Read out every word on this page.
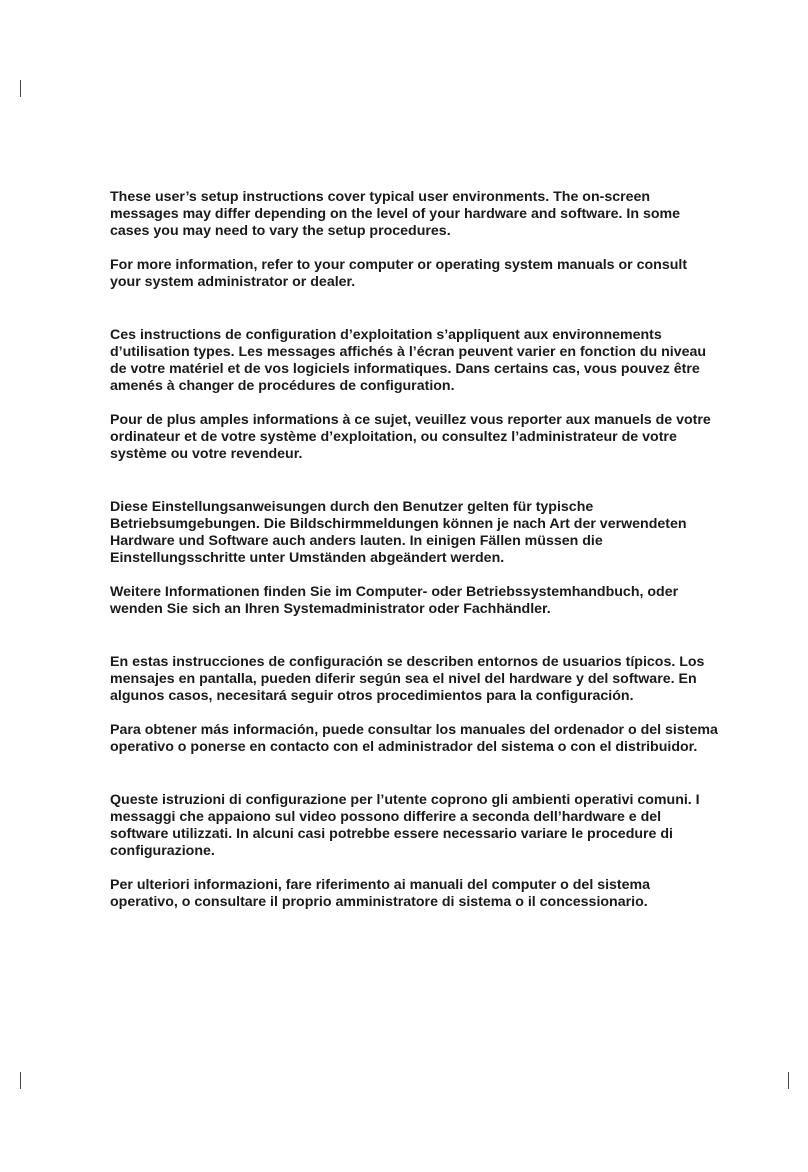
These user’s setup instructions cover typical user environments. The on-screen
messages may differ depending on the level of your hardware and software. In some
cases you may need to vary the setup procedures.

For more information, refer to your computer or operating system manuals or consult
your system administrator or dealer.

Ces instructions de configuration d’exploitation s’appliquent aux environnements
d’utilisation types. Les messages affichés à l’écran peuvent varier en fonction du niveau
de votre matériel et de vos logiciels informatiques. Dans certains cas, vous pouvez être
amenés à changer de procédures de configuration.

Pour de plus amples informations à ce sujet, veuillez vous reporter aux manuels de votre
ordinateur et de votre système d’exploitation, ou consultez l’administrateur de votre
système ou votre revendeur.

Diese Einstellungsanweisungen durch den Benutzer gelten für typische
Betriebsumgebungen. Die Bildschirmmeldungen können je nach Art der verwendeten
Hardware und Software auch anders lauten. In einigen Fällen müssen die
Einstellungsschritte unter Umständen abgeändert werden.

Weitere Informationen finden Sie im Computer- oder Betriebssystemhandbuch, oder
wenden Sie sich an Ihren Systemadministrator oder Fachhändler.

En estas instrucciones de configuración se describen entornos de usuarios típicos. Los
mensajes en pantalla, pueden diferir según sea el nivel del hardware y del software. En
algunos casos, necesitará seguir otros procedimientos para la configuración.

Para obtener más información, puede consultar los manuales del ordenador o del sistema
operativo o ponerse en contacto con el administrador del sistema o con el distribuidor.

Queste istruzioni di configurazione per l’utente coprono gli ambienti operativi comuni. I
messaggi che appaiono sul video possono differire a seconda dell’hardware e del
software utilizzati. In alcuni casi potrebbe essere necessario variare le procedure di
configurazione.

Per ulteriori informazioni, fare riferimento ai manuali del computer o del sistema
operativo, o consultare il proprio amministratore di sistema o il concessionario.
